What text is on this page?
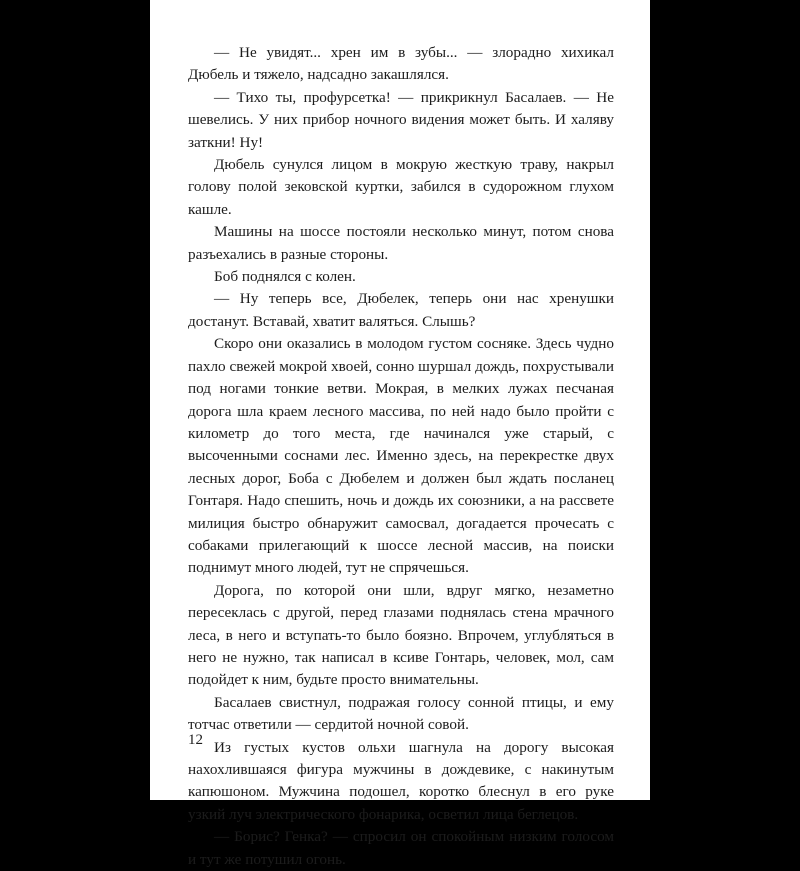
— Не увидят... хрен им в зубы... — злорадно хихикал Дюбель и тяжело, надсадно закашлялся.

— Тихо ты, профурсетка! — прикрикнул Басалаев. — Не шевелись. У них прибор ночного видения может быть. И халяву заткни! Ну!

Дюбель сунулся лицом в мокрую жесткую траву, накрыл голову полой зековской куртки, забился в судорожном глухом кашле.

Машины на шоссе постояли несколько минут, потом снова разъехались в разные стороны.

Боб поднялся с колен.

— Ну теперь все, Дюбелек, теперь они нас хренушки достанут. Вставай, хватит валяться. Слышь?

Скоро они оказались в молодом густом сосняке. Здесь чудно пахло свежей мокрой хвоей, сонно шуршал дождь, похрустывали под ногами тонкие ветви. Мокрая, в мелких лужах песчаная дорога шла краем лесного массива, по ней надо было пройти с километр до того места, где начинался уже старый, с высоченными соснами лес. Именно здесь, на перекрестке двух лесных дорог, Боба с Дюбелем и должен был ждать посланец Гонтаря. Надо спешить, ночь и дождь их союзники, а на рассвете милиция быстро обнаружит самосвал, догадается прочесать с собаками прилегающий к шоссе лесной массив, на поиски поднимут много людей, тут не спрячешься.

Дорога, по которой они шли, вдруг мягко, незаметно пересеклась с другой, перед глазами поднялась стена мрачного леса, в него и вступать-то было боязно. Впрочем, углубляться в него не нужно, так написал в ксиве Гонтарь, человек, мол, сам подойдет к ним, будьте просто внимательны.

Басалаев свистнул, подражая голосу сонной птицы, и ему тотчас ответили — сердитой ночной совой.

Из густых кустов ольхи шагнула на дорогу высокая нахохлившаяся фигура мужчины в дождевике, с накинутым капюшоном. Мужчина подошел, коротко блеснул в его руке узкий луч электрического фонарика, осветил лица беглецов.

— Борис? Генка? — спросил он спокойным низким голосом и тут же потушил огонь.

12
